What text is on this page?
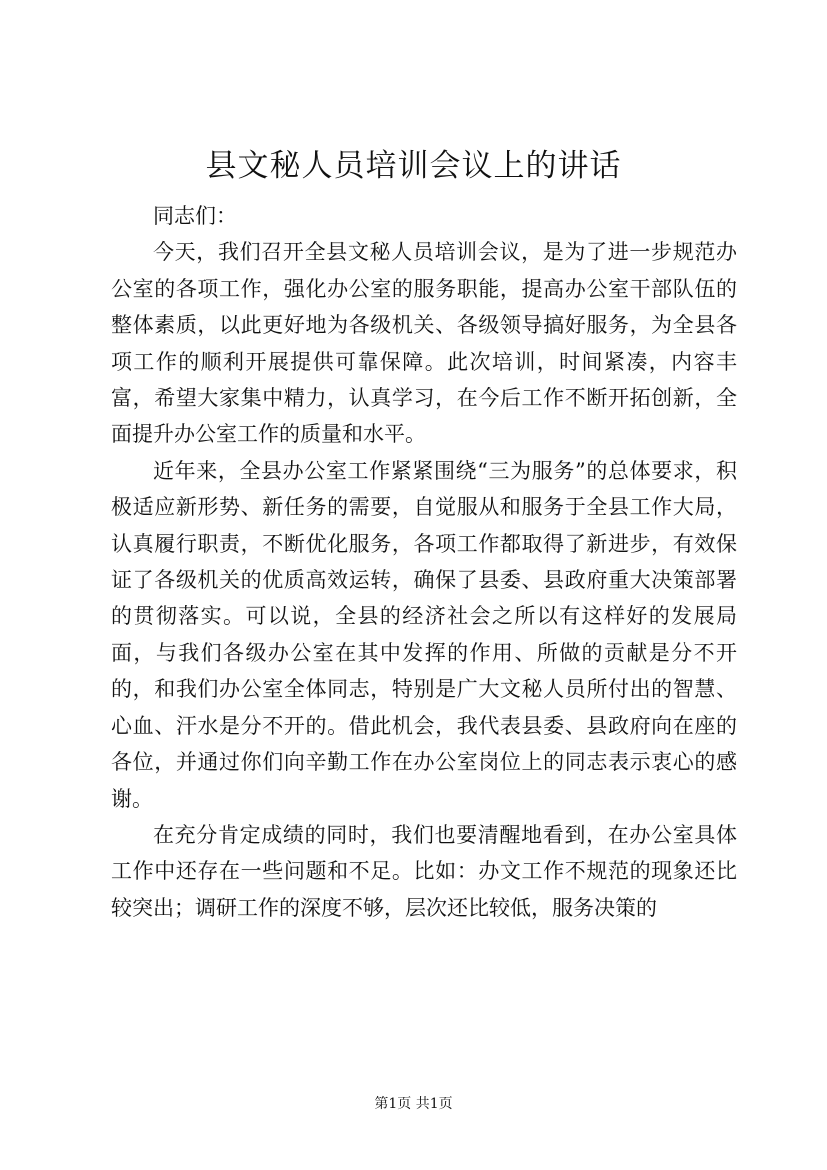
县文秘人员培训会议上的讲话

同志们：

今天，我们召开全县文秘人员培训会议，是为了进一步规范办公室的各项工作，强化办公室的服务职能，提高办公室干部队伍的整体素质，以此更好地为各级机关、各级领导搞好服务，为全县各项工作的顺利开展提供可靠保障。此次培训，时间紧凑，内容丰富，希望大家集中精力，认真学习，在今后工作不断开拓创新，全面提升办公室工作的质量和水平。

近年来，全县办公室工作紧紧围绕“三为服务”的总体要求，积极适应新形势、新任务的需要，自觉服从和服务于全县工作大局，认真履行职责，不断优化服务，各项工作都取得了新进步，有效保证了各级机关的优质高效运转，确保了县委、县政府重大决策部署的贯彻落实。可以说，全县的经济社会之所以有这样好的发展局面，与我们各级办公室在其中发挥的作用、所做的贡献是分不开的，和我们办公室全体同志，特别是广大文秘人员所付出的智慧、心血、汗水是分不开的。借此机会，我代表县委、县政府向在座的各位，并通过你们向辛勤工作在办公室岗位上的同志表示衷心的感谢。

在充分肯定成绩的同时，我们也要清醒地看到，在办公室具体工作中还存在一些问题和不足。比如：办文工作不规范的现象还比较突出；调研工作的深度不够，层次还比较低，服务决策的

第1页 共1页
